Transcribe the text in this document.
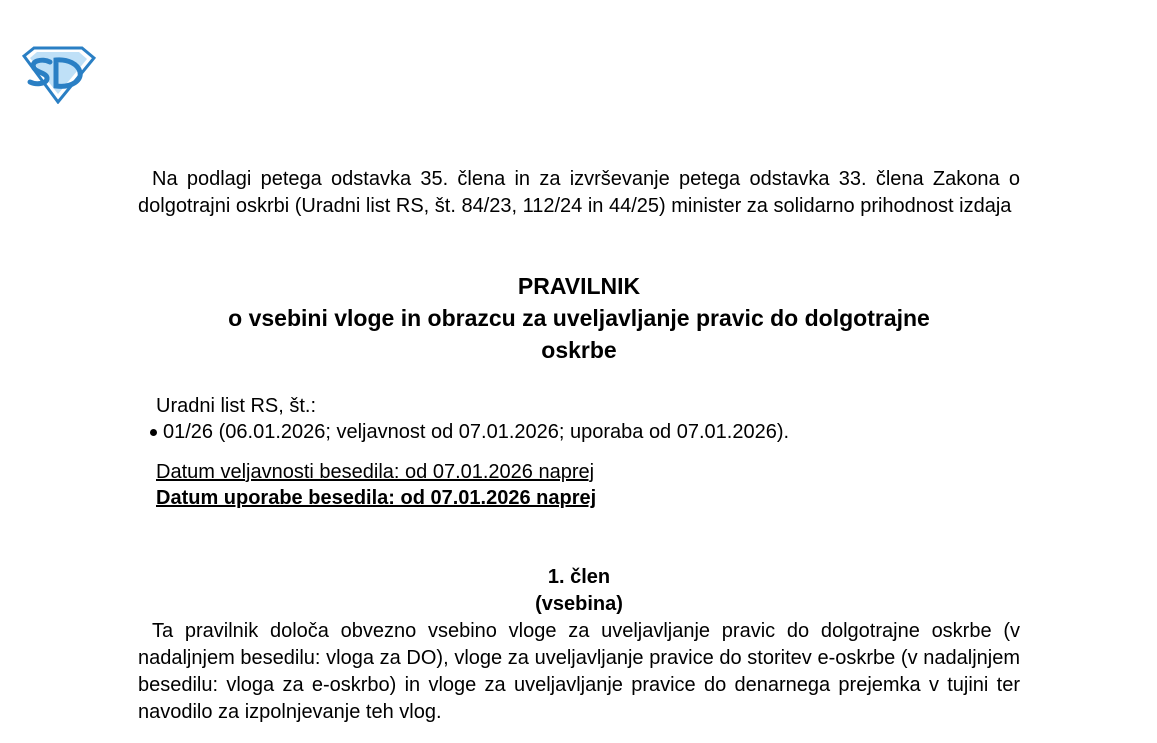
Na podlagi petega odstavka 35. člena in za izvrševanje petega odstavka 33. člena Zakona o dolgotrajni oskrbi (Uradni list RS, št. 84/23, 112/24 in 44/25) minister za solidarno prihodnost izdaja

PRAVILNIK
o vsebini vloge in obrazcu za uveljavljanje pravic do dolgotrajne
oskrbe
Uradni list RS, št.:
01/26 (06.01.2026; veljavnost od 07.01.2026; uporaba od 07.01.2026).
Datum veljavnosti besedila: od 07.01.2026 naprej
Datum uporabe besedila: od 07.01.2026 naprej
1. člen
(vsebina)

Ta pravilnik določa obvezno vsebino vloge za uveljavljanje pravic do dolgotrajne oskrbe (v nadaljnjem besedilu: vloga za DO), vloge za uveljavljanje pravice do storitev e-oskrbe (v nadaljnjem besedilu: vloga za e-oskrbo) in vloge za uveljavljanje pravice do denarnega prejemka v tujini ter navodilo za izpolnjevanje teh vlog.
